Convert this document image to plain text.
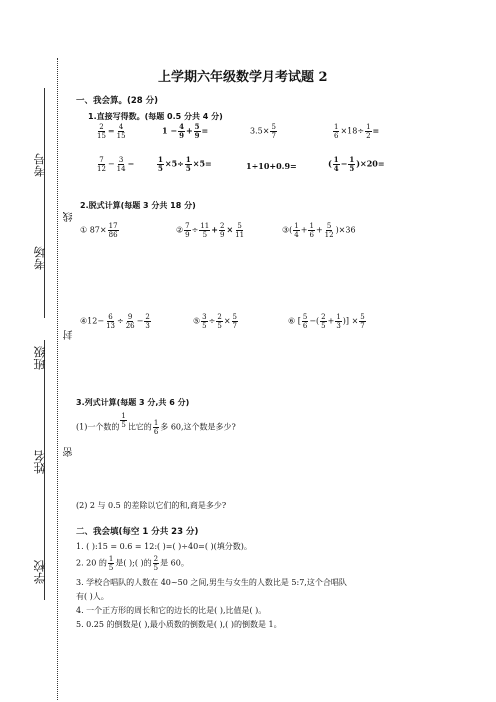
考号
线
考场
封
班级
姓名 密
学校
上学期六年级数学月考试题 2
一、我会算。(28 分)
1.直接写得数。(每题 0.5 分共 4 分)
$\frac{2}{15} = \frac{4}{15}$	$1 - \frac{4}{9} + \frac{5}{9}$ =	$3.5\times \frac{5}{7}$	$\frac{1}{6} \times 18\div \frac{1}{2}$ =
$\frac{7}{12} - \frac{3}{14}$ −	$\frac{1}{5} \times 5\div \frac{1}{5} \times 5=$	1÷10+0.9=	( $\frac{1}{4} - \frac{1}{5} )\times 20=$
2.脱式计算(每题 3 分共 18 分)
① $87\times \frac{17}{86}$	② $\frac{7}{9} \div \frac{11}{5} + \frac{2}{9} \times \frac{5}{11}$	③( $\frac{1}{4} + \frac{1}{6} + \frac{5}{12} )\times 36$
④12− $\frac{6}{13} \div \frac{9}{26} - \frac{2}{3}$	⑤ $\frac{3}{5} \div \frac{2}{5} \times \frac{5}{7}$	⑥ [ $\frac{5}{6}$ −( $\frac{2}{5} + \frac{1}{3}$ )] × $\frac{5}{7}$
3.列式计算(每题 3 分,共 6 分)
(1)一个数的 $\frac{1}{5}$ 比它的 $\frac{1}{6}$ 多 60,这个数是多少?
(2) 2 与 0.5 的差除以它们的和,商是多少?
二、我会填(每空 1 分共 23 分)
1. ( ):15 = 0.6 = 12:( )=( )÷40=( )(填分数)。
2. 20 的 $\frac{1}{5}$ 是( );( )的 $\frac{2}{5}$ 是 60。
3. 学校合唱队的人数在 40~50 之间,男生与女生的人数比是 5:7,这个合唱队
有( )人。
4. 一个正方形的周长和它的边长的比是( ),比值是( )。
5. 0.25 的倒数是( ),最小质数的倒数是( ),( )的倒数是 1。
